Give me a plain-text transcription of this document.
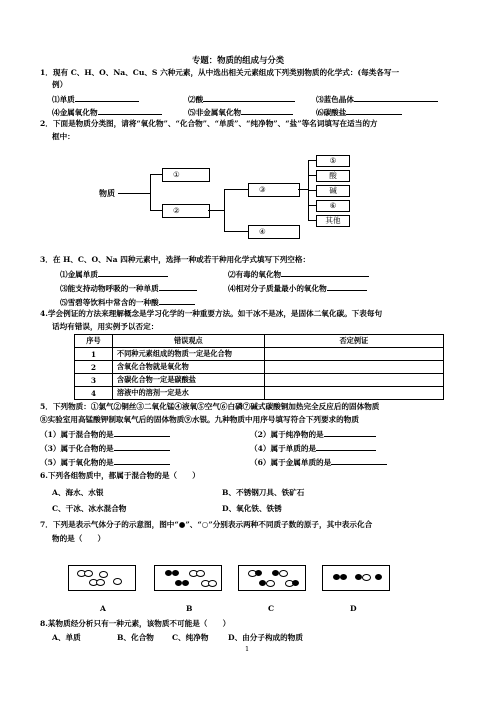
专题：物质的组成与分类
1．现有 C、H、O、Na、Cu、S 六种元素，从中选出相关元素组成下列类别物质的化学式：(每类各写一
例）
⑴单质	⑵酸	⑶蓝色晶体
⑷金属氧化物	⑸非金属氧化物	⑹碳酸盐
2．下面是物质分类图，请将“氧化物”、“化合物”、“单质”、“纯净物”、“盐”等名词填写在适当的方
框中：
物质
①
②
③
④
⑤
酸
碱
⑥
其他
3．在 H、C、O、Na 四种元素中，选择一种或若干种用化学式填写下列空格：
⑴金属单质	⑵有毒的氧化物
⑶能支持动物呼吸的一种单质	⑷相对分子质量最小的氧化物
⑸雪碧等饮料中常含的一种酸
4.学会例证的方法来理解概念是学习化学的一种重要方法。如干冰不是冰，是固体二氧化碳。下表每句
话均有错误，用实例予以否定：
序号	错误观点	否定例证
1	不同种元素组成的物质一定是化合物	
2	含氧化合物就是氧化物	
3	含碳化合物一定是碳酸盐	
4	溶液中的溶剂一定是水	
5．下列物质：①氯气②铜丝③二氧化锰④液氧⑤空气⑥白磷⑦碱式碳酸铜加热完全反应后的固体物质
⑧实验室用高锰酸钾制取氧气后的固体物质⑨水银。九种物质中用序号填写符合下列要求的物质
（1）属于混合物的是	（2）属于纯净物的是
（3）属于化合物的是	（4）属于单质的是
（5）属于氧化物的是	（6）属于金属单质的是
6.下列各组物质中，都属于混合物的是（　　）
A、海水、水银	B、不锈钢刀具、铁矿石
C、干冰、冰水混合物	D、氧化铁、铁锈
7．下列是表示气体分子的示意图，图中“●”、“○”分别表示两种不同质子数的原子，其中表示化合
物的是（　　）
A	B	C	D
8.某物质经分析只有一种元素，该物质不可能是（　　）
A、单质	B、化合物 C、纯净物	D、由分子构成的物质
1
